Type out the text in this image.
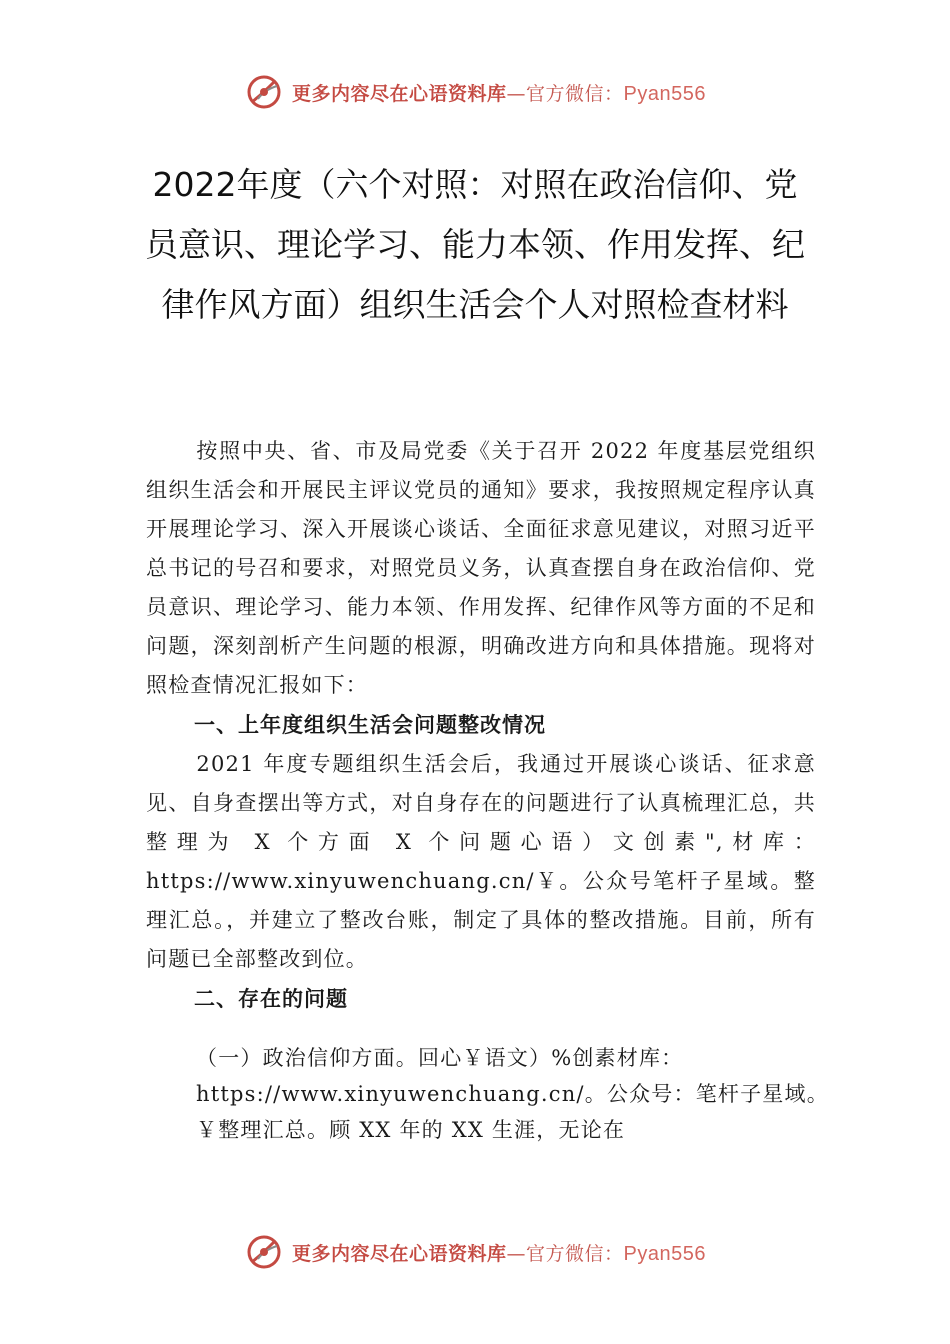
更多内容尽在心语资料库—官方微信：Pyan556
2022年度（六个对照：对照在政治信仰、党员意识、理论学习、能力本领、作用发挥、纪律作风方面）组织生活会个人对照检查材料

按照中央、省、市及局党委《关于召开 2022 年度基层党组织组织生活会和开展民主评议党员的通知》要求，我按照规定程序认真开展理论学习、深入开展谈心谈话、全面征求意见建议，对照习近平总书记的号召和要求，对照党员义务，认真查摆自身在政治信仰、党员意识、理论学习、能力本领、作用发挥、纪律作风等方面的不足和问题，深刻剖析产生问题的根源，明确改进方向和具体措施。现将对照检查情况汇报如下：

一、上年度组织生活会问题整改情况

2021 年度专题组织生活会后，我通过开展谈心谈话、征求意见、自身查摆出等方式，对自身存在的问题进行了认真梳理汇总，共整理为 X 个方面 X 个问题心语）文创素",材库：https://www.xinyuwenchuang.cn/￥。公众号笔杆子星域。整理汇总。，并建立了整改台账，制定了具体的整改措施。目前，所有问题已全部整改到位。

二、存在的问题

（一）政治信仰方面。回心￥语文）%创素材库：

https://www.xinyuwenchuang.cn/。公众号：笔杆子星域。

￥整理汇总。顾 XX 年的 XX 生涯，无论在

更多内容尽在心语资料库—官方微信：Pyan556
